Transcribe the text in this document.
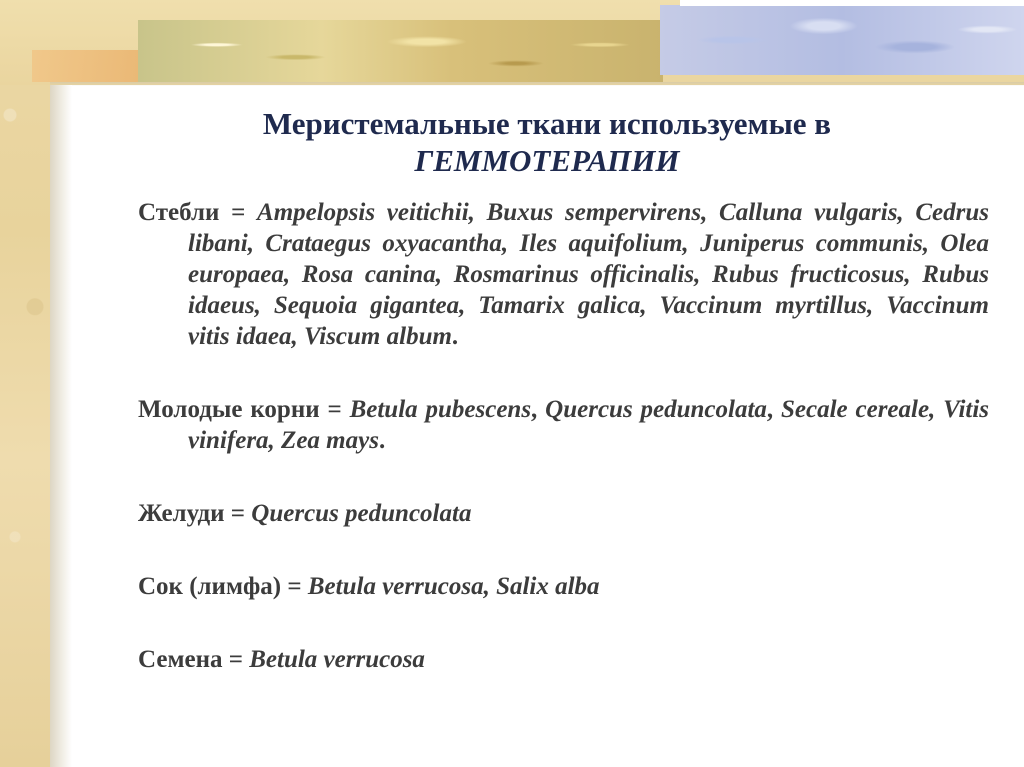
Меристемальные ткани используемые в
ГЕММОТЕРАПИИ

Стебли = Ampelopsis veitichii, Buxus sempervirens, Calluna vulgaris, Cedrus libani, Crataegus oxyacantha, Iles aquifolium, Juniperus communis, Olea europaea, Rosa canina, Rosmarinus officinalis, Rubus fructicosus, Rubus idaeus, Sequoia gigantea, Tamarix galica, Vaccinum myrtillus, Vaccinum vitis idaea, Viscum album.

Молодые корни = Betula pubescens, Quercus peduncolata, Secale cereale, Vitis vinifera, Zea mays.

Желуди = Quercus peduncolata

Сок (лимфа) = Betula verrucosa, Salix alba

Семена = Betula verrucosa
